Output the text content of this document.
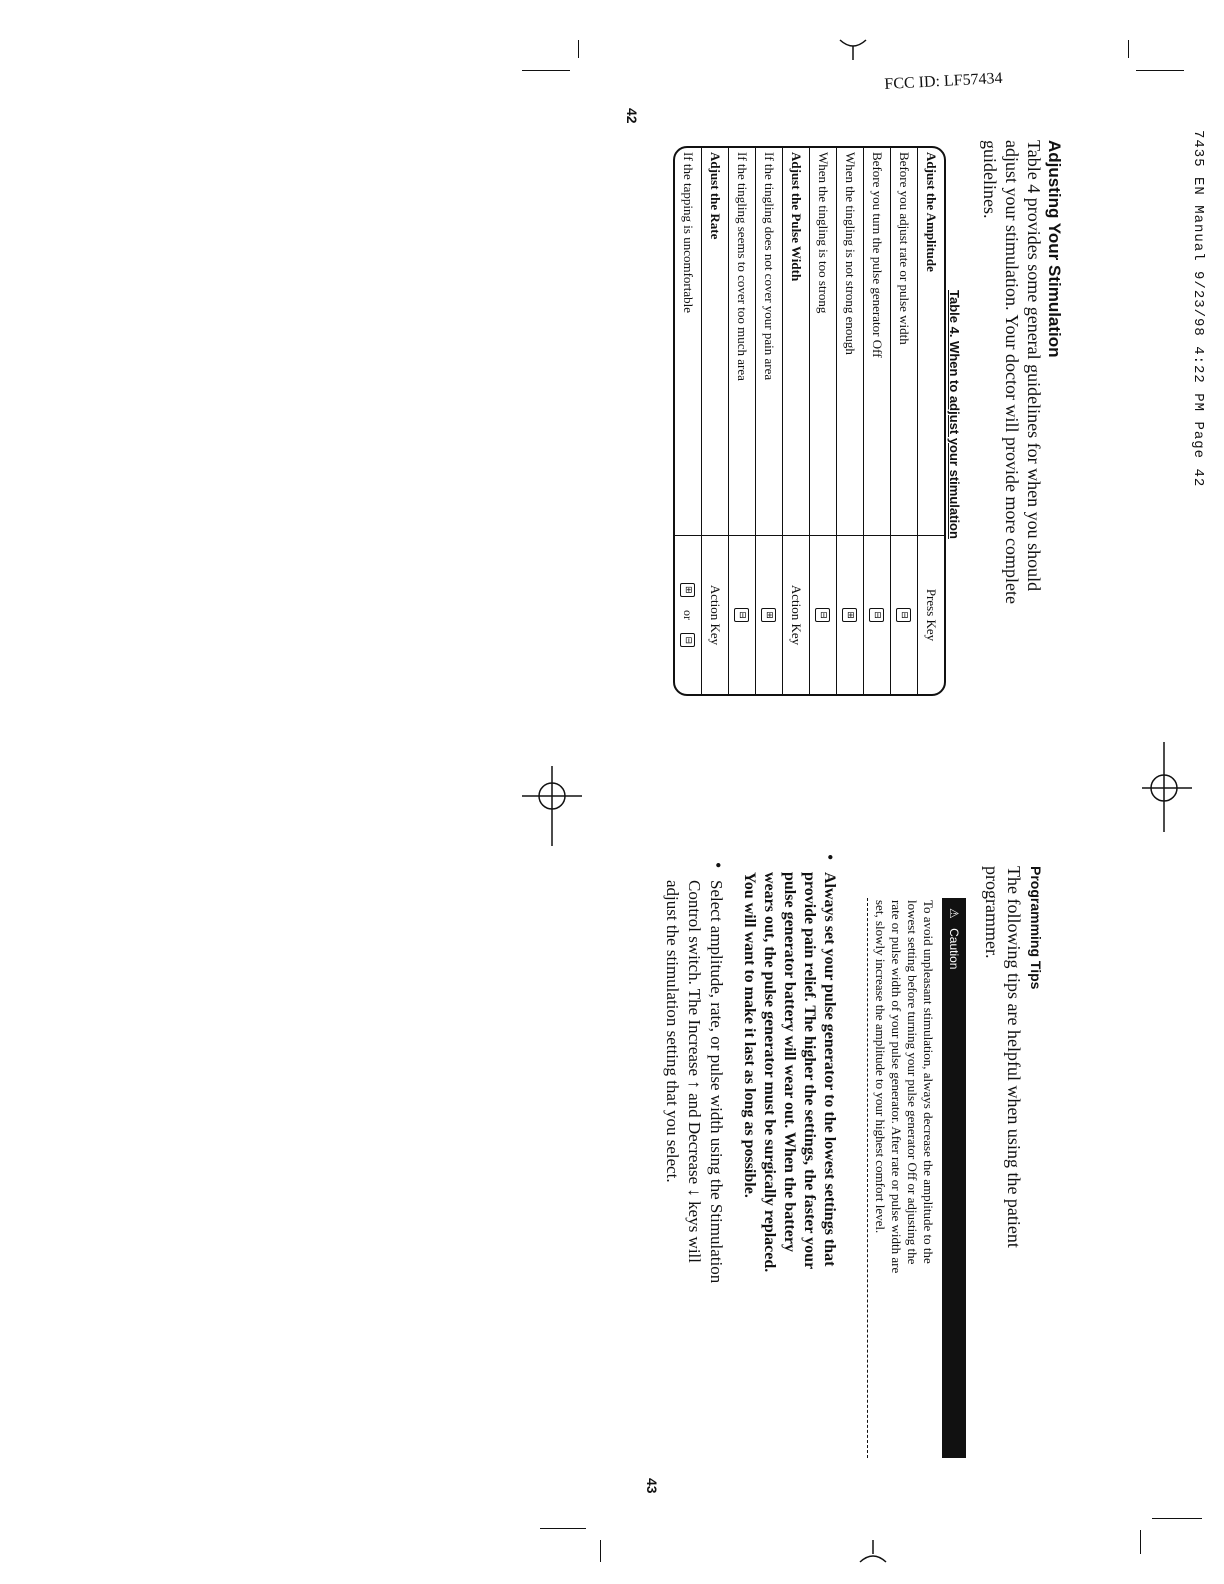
7435 EN Manual 9/23/98 4:22 PM Page 42
FCC ID: LF57434
42
Adjusting Your Stimulation
Table 4 provides some general guidelines for when you should
adjust your stimulation. Your doctor will provide more complete
guidelines.
Table 4. When to adjust your stimulation
Adjust the Amplitude	Press Key
Before you adjust rate or pulse width	⊟
Before you turn the pulse generator Off	⊟
When the tingling is not strong enough	⊞
When the tingling is too strong	⊟
Adjust the Pulse Width	Action Key
If the tingling does not cover your pain area	⊞
If the tingling seems to cover too much area	⊟
Adjust the Rate	Action Key
If the tapping is uncomfortable	⊞ or ⊟
43
Programming Tips
The following tips are helpful when using the patient
programmer.
⚠ Caution
To avoid unpleasant stimulation, always decrease the amplitude to the
lowest setting before turning your pulse generator Off or adjusting the
rate or pulse width of your pulse generator. After rate or pulse width are
set, slowly increase the amplitude to your highest comfort level.
•
Always set your pulse generator to the lowest settings that
provide pain relief. The higher the settings, the faster your
pulse generator battery will wear out. When the battery
wears out, the pulse generator must be surgically replaced.
You will want to make it last as long as possible.
•
Select amplitude, rate, or pulse width using the Stimulation
Control switch. The Increase ↑ and Decrease ↓ keys will
adjust the stimulation setting that you select.
